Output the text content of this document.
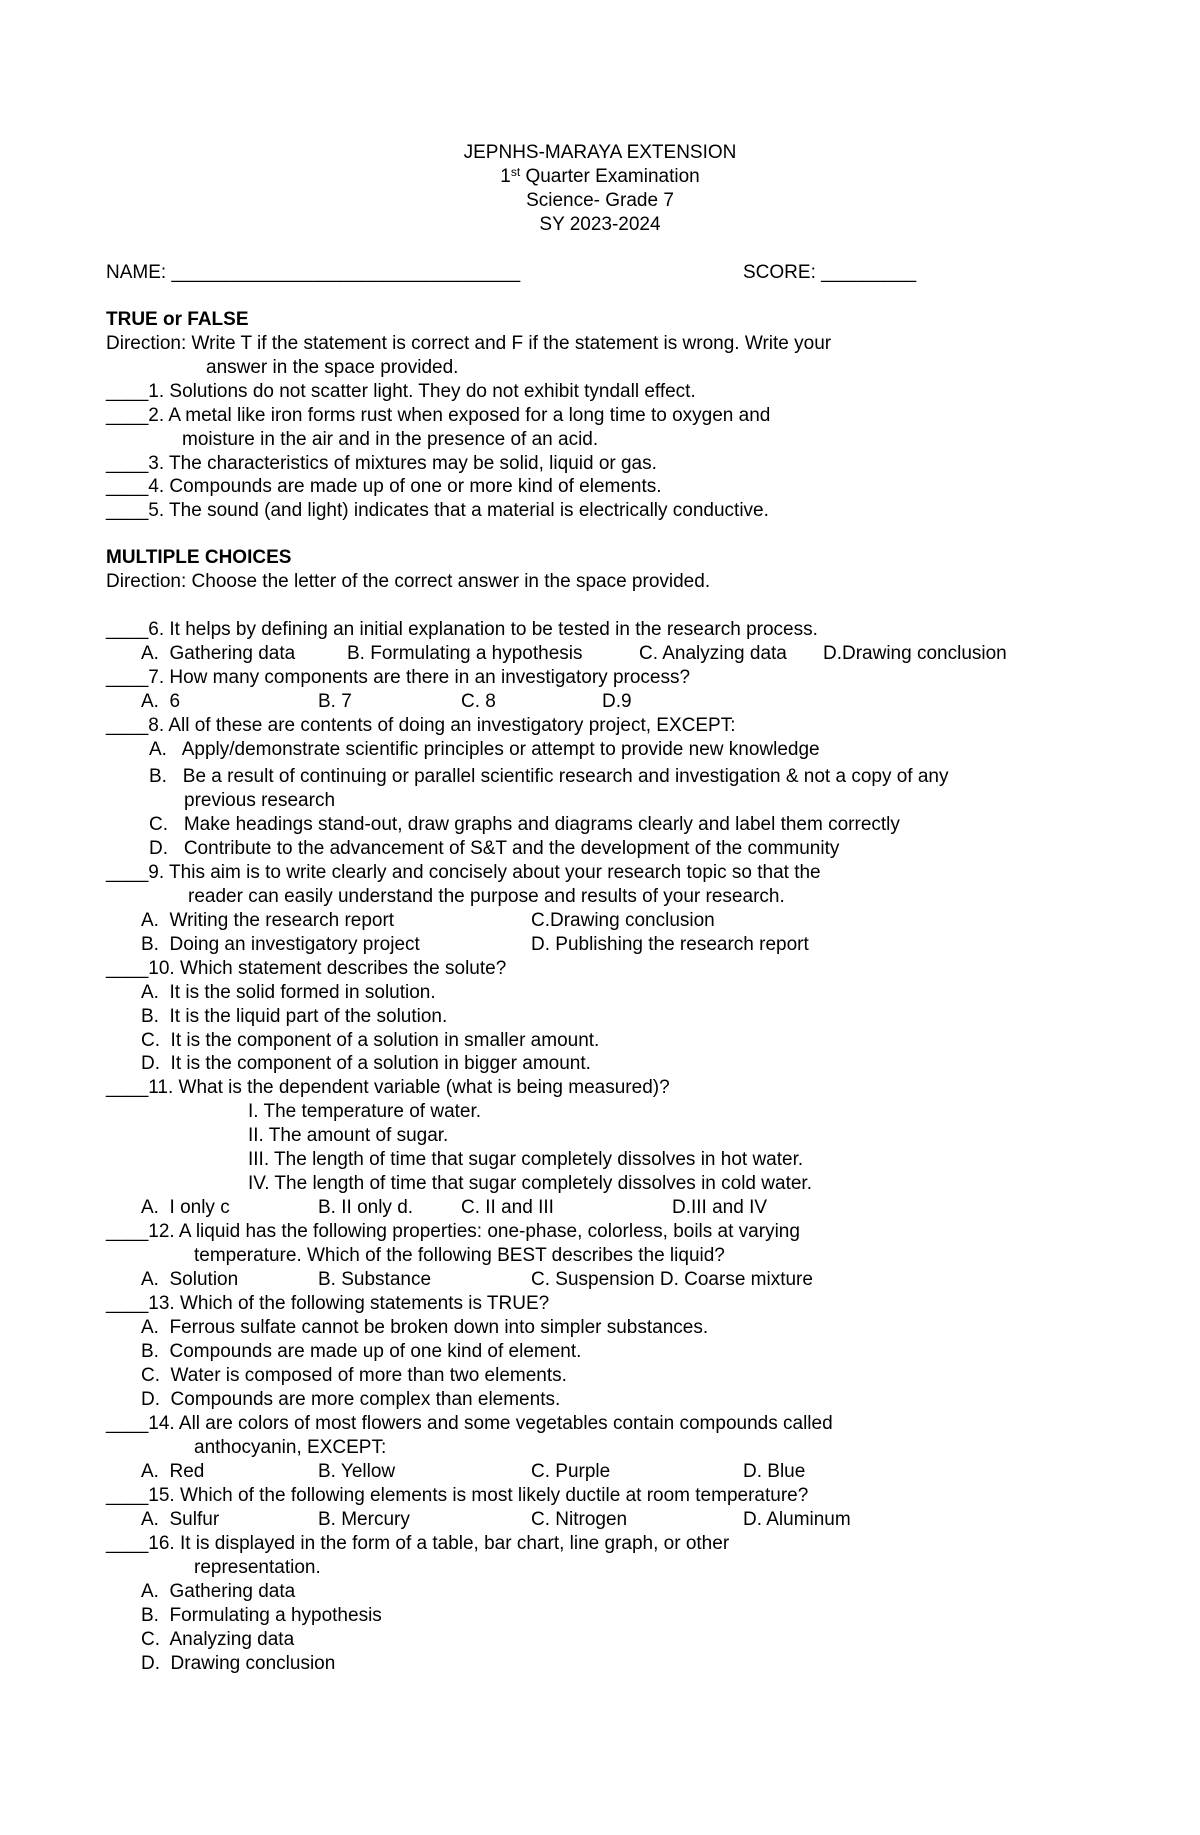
JEPNHS-MARAYA EXTENSION
1st Quarter Examination
Science- Grade 7
SY 2023-2024
NAME: _________________________________	SCORE: _________
TRUE or FALSE
Direction: Write T if the statement is correct and F if the statement is wrong. Write your
answer in the space provided.
____1. Solutions do not scatter light. They do not exhibit tyndall effect.
____2. A metal like iron forms rust when exposed for a long time to oxygen and
moisture in the air and in the presence of an acid.
____3. The characteristics of mixtures may be solid, liquid or gas.
____4. Compounds are made up of one or more kind of elements.
____5. The sound (and light) indicates that a material is electrically conductive.
MULTIPLE CHOICES
Direction: Choose the letter of the correct answer in the space provided.
____6. It helps by defining an initial explanation to be tested in the research process.
A.  Gathering data	B. Formulating a hypothesis	C. Analyzing data D.Drawing conclusion
____7. How many components are there in an investigatory process?
A.  6	B. 7	C. 8	D.9
____8. All of these are contents of doing an investigatory project, EXCEPT:
A.   Apply/demonstrate scientific principles or attempt to provide new knowledge
B.   Be a result of continuing or parallel scientific research and investigation & not a copy of any
previous research
C.   Make headings stand-out, draw graphs and diagrams clearly and label them correctly
D.   Contribute to the advancement of S&T and the development of the community
____9. This aim is to write clearly and concisely about your research topic so that the
reader can easily understand the purpose and results of your research.
A.  Writing the research report	C.Drawing conclusion
B.  Doing an investigatory project	D. Publishing the research report
____10. Which statement describes the solute?
A.  It is the solid formed in solution.
B.  It is the liquid part of the solution.
C.  It is the component of a solution in smaller amount.
D.  It is the component of a solution in bigger amount.
____11. What is the dependent variable (what is being measured)?
I. The temperature of water.
II. The amount of sugar.
III. The length of time that sugar completely dissolves in hot water.
IV. The length of time that sugar completely dissolves in cold water.
A.  I only c	B. II only d.	C. II and III	D.III and IV
____12. A liquid has the following properties: one-phase, colorless, boils at varying
temperature. Which of the following BEST describes the liquid?
A.  Solution	B. Substance	C. Suspension D. Coarse mixture
____13. Which of the following statements is TRUE?
A.  Ferrous sulfate cannot be broken down into simpler substances.
B.  Compounds are made up of one kind of element.
C.  Water is composed of more than two elements.
D.  Compounds are more complex than elements.
____14. All are colors of most flowers and some vegetables contain compounds called
anthocyanin, EXCEPT:
A.  Red	B. Yellow	C. Purple	D. Blue
____15. Which of the following elements is most likely ductile at room temperature?
A.  Sulfur	B. Mercury	C. Nitrogen	D. Aluminum
____16. It is displayed in the form of a table, bar chart, line graph, or other
representation.
A.  Gathering data
B.  Formulating a hypothesis
C.  Analyzing data
D.  Drawing conclusion
